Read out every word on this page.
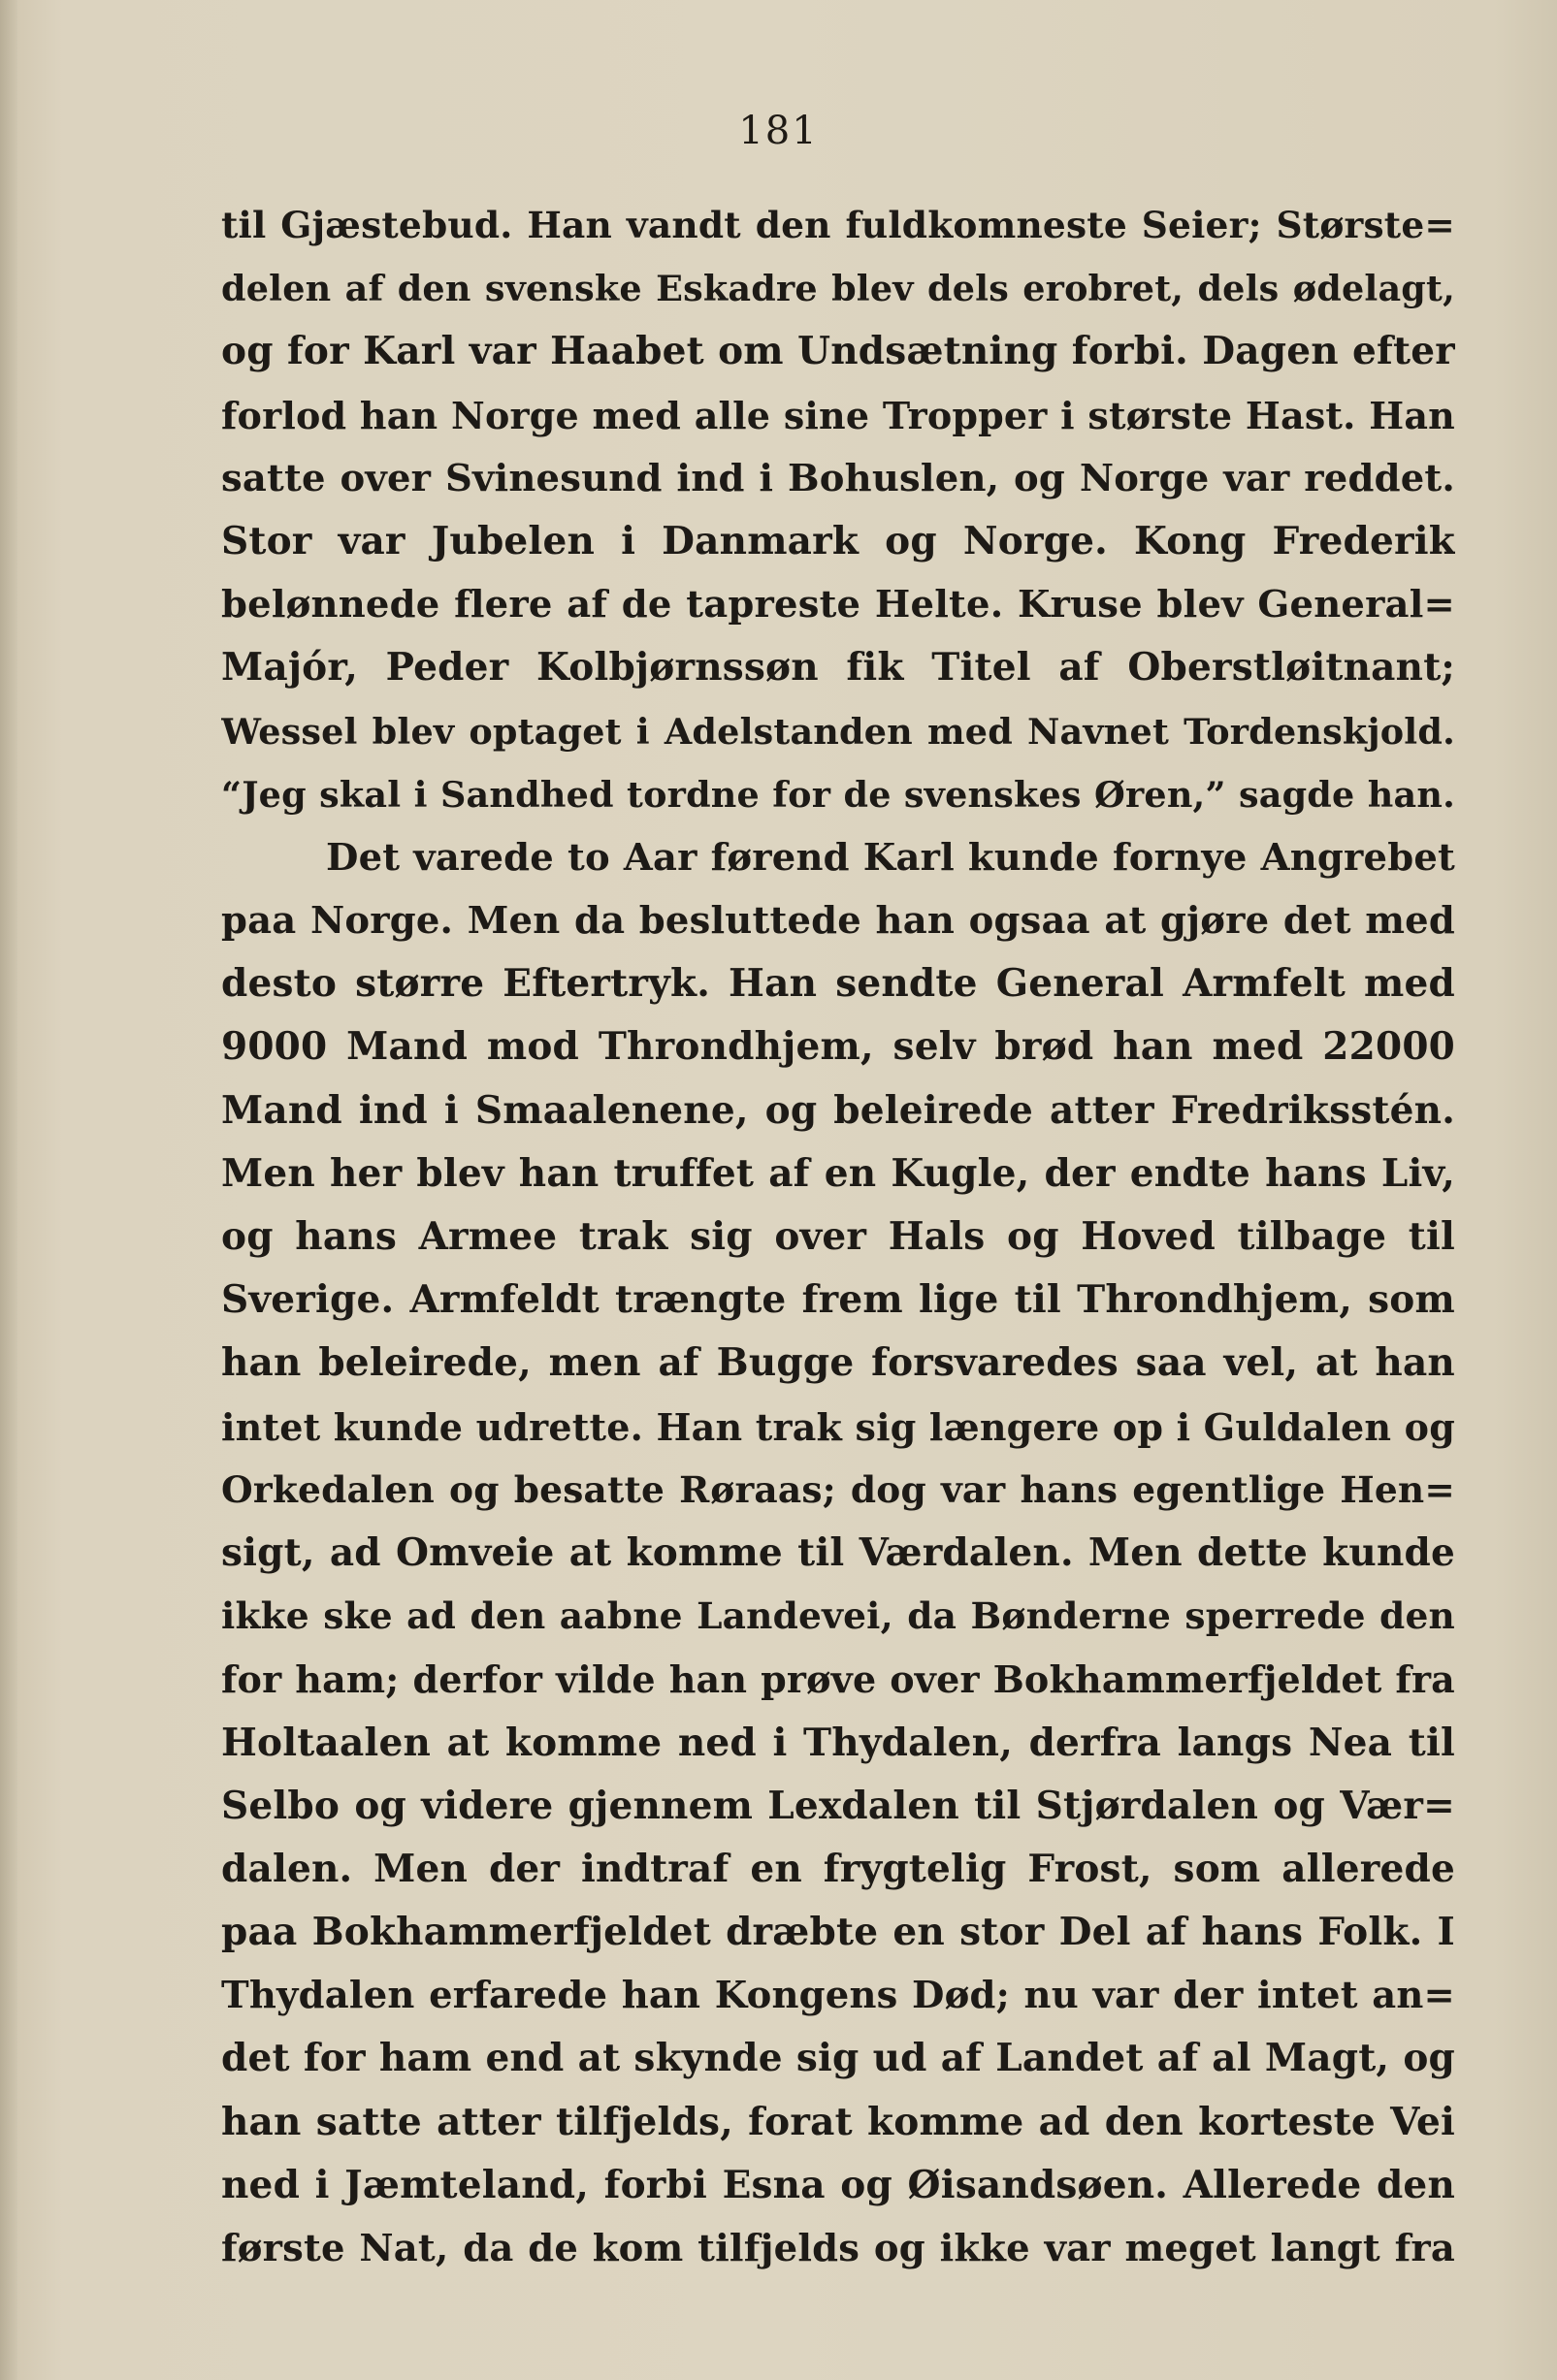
181
til Gjæstebud. Han vandt den fuldkomneste Seier; Største=
delen af den svenske Eskadre blev dels erobret, dels ødelagt,
og for Karl var Haabet om Undsætning forbi. Dagen efter
forlod han Norge med alle sine Tropper i største Hast. Han
satte over Svinesund ind i Bohuslen, og Norge var reddet.
Stor var Jubelen i Danmark og Norge. Kong Frederik
belønnede flere af de tapreste Helte. Kruse blev General=
Majór, Peder Kolbjørnssøn fik Titel af Oberstløitnant;
Wessel blev optaget i Adelstanden med Navnet Tordenskjold.
“Jeg skal i Sandhed tordne for de svenskes Øren,” sagde han.
Det varede to Aar førend Karl kunde fornye Angrebet
paa Norge. Men da besluttede han ogsaa at gjøre det med
desto større Eftertryk. Han sendte General Armfelt med
9000 Mand mod Throndhjem, selv brød han med 22000
Mand ind i Smaalenene, og beleirede atter Fredriksstén.
Men her blev han truffet af en Kugle, der endte hans Liv,
og hans Armee trak sig over Hals og Hoved tilbage til
Sverige. Armfeldt trængte frem lige til Throndhjem, som
han beleirede, men af Bugge forsvaredes saa vel, at han
intet kunde udrette. Han trak sig længere op i Guldalen og
Orkedalen og besatte Røraas; dog var hans egentlige Hen=
sigt, ad Omveie at komme til Værdalen. Men dette kunde
ikke ske ad den aabne Landevei, da Bønderne sperrede den
for ham; derfor vilde han prøve over Bokhammerfjeldet fra
Holtaalen at komme ned i Thydalen, derfra langs Nea til
Selbo og videre gjennem Lexdalen til Stjørdalen og Vær=
dalen. Men der indtraf en frygtelig Frost, som allerede
paa Bokhammerfjeldet dræbte en stor Del af hans Folk. I
Thydalen erfarede han Kongens Død; nu var der intet an=
det for ham end at skynde sig ud af Landet af al Magt, og
han satte atter tilfjelds, forat komme ad den korteste Vei
ned i Jæmteland, forbi Esna og Øisandsøen. Allerede den
første Nat, da de kom tilfjelds og ikke var meget langt fra
